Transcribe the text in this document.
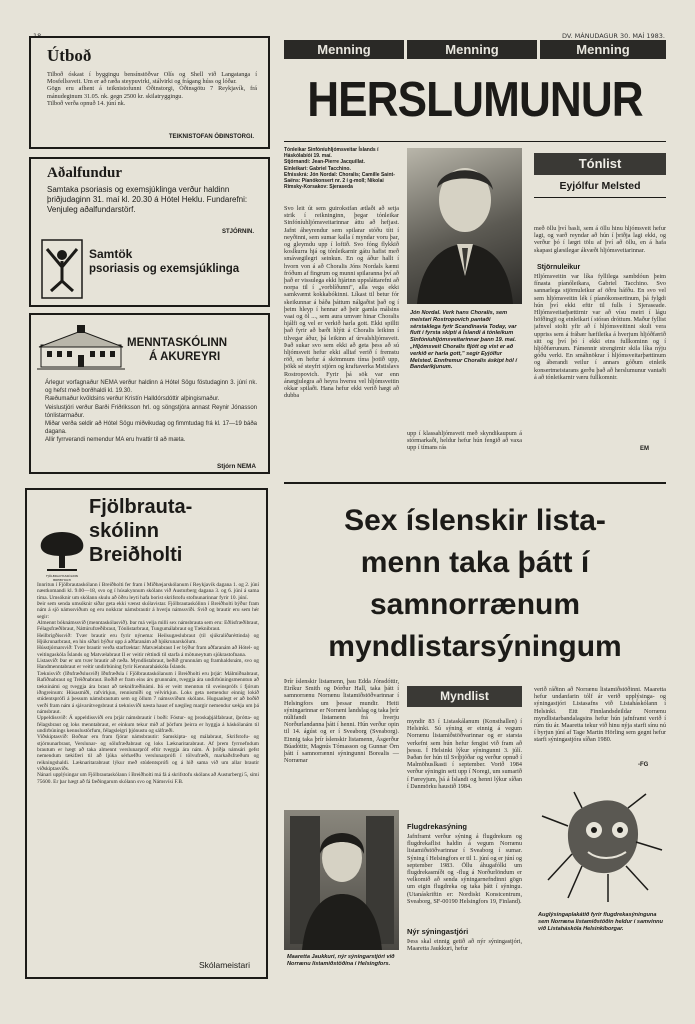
18	DV. MÁNUDAGUR 30. MAÍ 1983.
Útboð
Tilboð óskast í byggingu bensínstöðvar Olís og Shell við Langatanga í Mosfellssveit. Um er að ræða steypuvirki, stálvirki og frágang húss og lóðar.
Gögn eru afhent á teiknistofunni Óðinstorgi, Óðinsgötu 7 Reykjavík, frá mánudeginum 31.05. nk. gegn 2500 kr. skilatryggingu.
Tilboð verða opnuð 14. júní nk.
TEIKNISTOFAN ÓÐINSTORGI.
Aðalfundur
Samtaka psoriasis og exemsjúklinga verður haldinn þriðjudaginn 31. maí kl. 20.30 á Hótel Heklu. Fundarefni: Venjuleg aðalfundarstörf.
STJÓRNIN.
Samtök
psoriasis og exemsjúklinga
MENNTASKÓLINN
Á AKUREYRI
Árlegur vorfagnaður NEMA verður haldinn á Hótel Sögu föstudaginn 3. júní nk. og hefst með borðhaldi kl. 19.30.
Ræðumaður kvöldsins verður Kristín Halldórsdóttir alþingismaður.
Veislustjóri verður Barði Friðriksson hrl. og söngstjóra annast Reynir Jónasson tónlistarmaður.
Miðar verða seldir að Hótel Sögu miðvikudag og fimmtudag frá kl. 17—19 báða dagana.
Allir fyrrverandi nemendur MA eru hvattir til að mæta.
Stjórn NEMA
FJÖLBRAUTASKÓLINN BREIÐHOLTI
Fjölbrauta-
skólinn
Breiðholti
Innritun í Fjölbrautaskólann í Breiðholti fer fram í Miðbæjarskólanum í Reykjavík dagana 1. og 2. júní næstkomandi kl. 9.00—18, svo og í húsakynnum skólans við Austurberg dagana 3. og 6. júní á sama tíma. Umsóknir um skólann skulu að öðru leyti hafa borist skrifstofu stofnunarinnar fyrir 10. júní.
Þeir sem senda umsóknir síðar geta ekki vænst skólavistar. Fjölbrautaskólinn í Breiðholti býður fram nám á sjö námssviðum og eru nokkrar námsbrautir á hverju námssviði. Svið og brautir eru sem hér segir:
Almennt bóknámssvið (menntaskólasvið). Þar má velja milli sex námsbrauta sem eru: Eðlisfræðibraut, Félagsfræðibraut, Náttúrufræðibraut, Tónlistarbraut, Tungumálabraut og Tæknibraut.
Heilbrigðissvið: Tvær brautir eru fyrir nýnema: Heilsugæslubraut (til sjúkraliðaréttinda) og Hjúkrunarbraut, en hin síðari býður upp á aðfaranám að hjúkrunarskólum.
Hússtjórnarsvið: Tvær brautir verða starfræktar: Matvælabraut I er býður fram aðfaranám að Hótel- og veitingaskóla Íslands og Matvælabraut II er veitir réttindi til starfa á mötuneytum sjúkrastofnana.
Listasvið: Þar er um tvær brautir að ræða. Myndlistabraut, beðið grunnnám og framhaldsnám, svo og Handmenntabraut er veitir undirbúning fyrir Kennaraháskóla Íslands.
Tæknisvið: (Iðnfræðslusvið) Iðnfræðsla í Fjölbrautaskólanum í Breiðholti eru þrjár: Málmiðnabraut, Rafiðnabraut og Tréiðnabraut. Boðið er fram eins árs grunnnám, tveggja ára undirbúningsmenntun að tækninámi og tveggja ára braut að tæknifræðinámi. Þá er veitt menntun til sveinsprófs í fjórum iðngreinum: Húsasmíði, rafvirkjun, rennismíði og vélvirkjun. Loks geta nemendur einnig lokið stúdentsprófi á þessum námsbrautum sem og öllum 7 námssviðum skólans. Hugsanlegt er að boðið verði fram nám á sjávarútvegsbraut á tæknisviði næsta haust ef nægileg margir nemendur sækja um þá námsbraut.
Uppeldissvið: Á uppeldissviði eru þrjár námsbrautir í boði: Fóstur- og þroskaþjálfabraut, íþrótta- og félagsbraut og loks menntabraut, er einkum tekur mið af þörfum þeirra er hyggja á háskólanám til undirbúnings kennslustörfum, félagsleigri þjónustu og sálfræði.
Viðskiptasvið: Boðnar eru fram fjórar námsbrautir: Samskipta- og málabraut, Skrifstofu- og stjórnunarbraut, Verslunar- og sölufræðabraut og loks Læknaritarabraut. Af þrem fyrrnefndum brautum er hægt að taka almennt verslunarpróf eftir tveggja ára nám. Á þriðja námsári gefst nemendum tækifæri til að ljúka sérhæfðu verslunarprófi í tölvufræði, markaðsfræðum og reikningshaldi. Læknaritarabraut lýkur með stúdentsprófi og á hið sama við um allar brautir viðskiptasviðs.
Nánari upplýsingar um Fjölbrautaskólann í Breiðholti má fá á skrifstofu skólans að Austurbergi 5, sími 75600. Er þar hægt að fá fæðingarum skólann svo og Námsvísi F.B.
Skólameistari
Menning	Menning	Menning
HERSLUMUNUR
Tónleikar Sinfóníuhljómsveitar Íslands í Háskólabíói 19. maí.
Stjórnandi: Jean-Pierre Jacquillat.
Einleikari: Gabriel Tacchino.
Efnisskrá: Jón Nordal: Choralis; Camille Saint-Saëns: Píanókonsert nr. 2 í g-moll; Nikolai Rimsky-Korsakov: Sjeraseda
Svo leit út sem guirokstfan ætlaði að setja strik í reikninginn, þegar tónleikar Sinfóníuhljómsveitarinnar áttu að hefjast. Jafnt áheyrendur sem spilarar stóðu títt í neyðinni, sem sumar kalla í myndar voru þar, og gleymdu upp í loftið. Svo fóng flykkið koslkurra hjá og tónleikarnir gátu hafist með smávægilegri seinkun. En og áður hallt í hvorn von á að Choralis Jóns Nordals kæmi fróðum af fingrum og munni spilaranna því að það er vissulega ekki hjárinn uppsláttarefni að norpa til í „vorblíðunni", alla vega ekki samkvæmt kokkabókinni. Líkast til betur fór skeikunnar á báða þáttum nálgaðist það og í þeim hleyp í hennar að þeir gamla málsins vaai og öl ..., sem aura umvær hinar Choralis hjálfi og vel er verkið harla gott. Ekki spillti það fyrir að bæði hlýtt á Choralis leikinn í tilvegar áður, þá leikinn af úrvalshljómsveit. Það sukar svo sem ekki að geta þess að sú hljómsveit hefur ekki alltaf verið í fremstu röð, en hefur á skömmum tíma þotið upp, þökk sé steyfri stjórn og kraftaverka Mstislavs Rostropovich. Fyrir þá sök var enn ánægjulegra að heyra hversu vel hljómsveitin okkar spilaði. Hana hefur ekki verið hægt að dubba
Jón Nordal. Verk hans Choralis, sem meistari Rostropovich pantaði sérstaklega fyrir Scandinavia Today, var flutt í fyrsta skipti á Íslandi á tónleikum Sinfóníuhljómsveitarinnar þann 19. maí. „Hljómsveit Choralis fljótt og vist er að verkið er harla gott," segir Eyjólfur Melsted. Ennfremur Choralis áskipt hól í Bandaríkjunum.
upp í klassahljómsveit með skyndikaupum á stórmarkaði, heldur hefur hún fengið að vaxa upp í tímans rás
Tónlist
Eyjólfur Melsted
með öllu því basli, sem á öllu hinu hljómsveit hefur lagt, og varð reyndar að hún í þriðja lagi ekki, og verður þó í lægri tölu af því að öllu, en á hafa skapast glæsilegar ákvæði hljómsveitarinnar.
Stjörnuleikur
Hljómsveitin var líka fyllilega sambdóun þeim fínasta píanóleikara, Gabriel Tacchino. Svo sannarlega stjörnuleikur af öðru háfðu. En svo vel sem hljómsveitin lék í píanókonsertinum, þá fylgdi hún því ekki eftir til fulls í Sjeraseade. Hljómsveitarþættirnir var að vísu meiri í lágu höfðingji og einleikari í stóran dróttum. Maður fyllist jafnvel stolti yfir að í hljómsveitinni skuli vera uppriss sem á frábær hæfileika á hverjum hljóðfærið sitt og því þó í ekki eins fullkominn og í hljóðfærunum. Fámennir strengirnir skila líka nýju góðu verki. En smáhnökrar í hljómsveitarþættinum og áberandi veilur í annars góðum einleik konsertmeistarans gerðu það að herslumunur vantaði á að tónleikarnir væru fullkomnir.
EM
Sex íslenskir lista-
menn taka þátt í
samnorrænum
myndlistarsýningum
Þrír íslenskir listamenn, þau Edda Jónsdóttir, Eiríkur Smith og Þórður Hall, taka þátt í samnorrænu Norrænu listamiðstöðvarinnar í Helsingfors um þessar mundir. Heiti sýningarinnar er Norræni landslag og taka þrír núlifandi listamenn frá hverju Norðurlandanna þátt í henni. Hún verður opin til 14. ágúst og er í Sveaborg (Sveaborg). Einnig taka þrír íslenskir listamenn, Ásgerður Búadóttir, Magnús Tómasson og Gunnar Örn þátt í samnorrænni sýningunni Borealis — Norrænar
Maaretta Jaukkuri, nýr sýningarstjóri við Norrænu listamiðstöðina í Helsingfors.
Myndlist
myndir 83 í Listaskálanum (Konsthallen) í Helsinki. Sú sýning er einnig á vegum Norrænu listamiðstöðvarinnar og er starsta verkefni sem hún hefur fengist við fram að þessu. Í Helsinki lýkur sýningunni 3. júlí. Þaðan fer hún til Svíþjóðar og verður opnuð í Malmöhuslkasti í september. Vorið 1984 verður sýningin sett upp í Noregi, um sumarið í Færeyjum, þá á Íslandi og henni lýkur síðan í Danmörku haustið 1984.
Flugdrekasýning
Jafnframt verður sýning á flugdrekum og flugdrekaflist haldin á vegum Norrænu listamiðstöðvarinnar í Sveaborg í sumar. Sýning í Helsingfors er til 1. júní og er júní og september 1983. Öllu áhugafólki um flugdrekasmíði og -flug á Norðurlöndum er velkomið að senda sýningarnefndinni gögn um eigin flugdreka og taka þátt í sýningu. (Utanáskriftin er: Nordiskt Konstcentrum, Sveaborg, SF-00190 Helsingfors 19, Finland).
Nýr sýningastjóri
Þess skal einnig getið að nýr sýningastjóri, Maaretta Jaukkuri, hefur
verið ráðinn að Norrænu listamiðstöðinni. Maaretta hefur undanfarin tólf ár verið upplýsinga- og sýningastjóri Listasafns við Listaháskólann í Helsinki. Eitt Finnlandsdeildar Norrænu myndlistarbandalagsins hefur hún jafnframt verið í rúm tíu ár. Maaretta tekur við hinu nýja starfi sínu nú í byrjun júní af Tage Martin Hörling sem gegnt hefur starfi sýningastjóra síðan 1980.
-FG
Auglýsingaplakátið fyrir flugdrekasýninguna sem Norræna listamiðstöðin heldur í samvinnu við Listaháskóla Helsinkiborgar.
